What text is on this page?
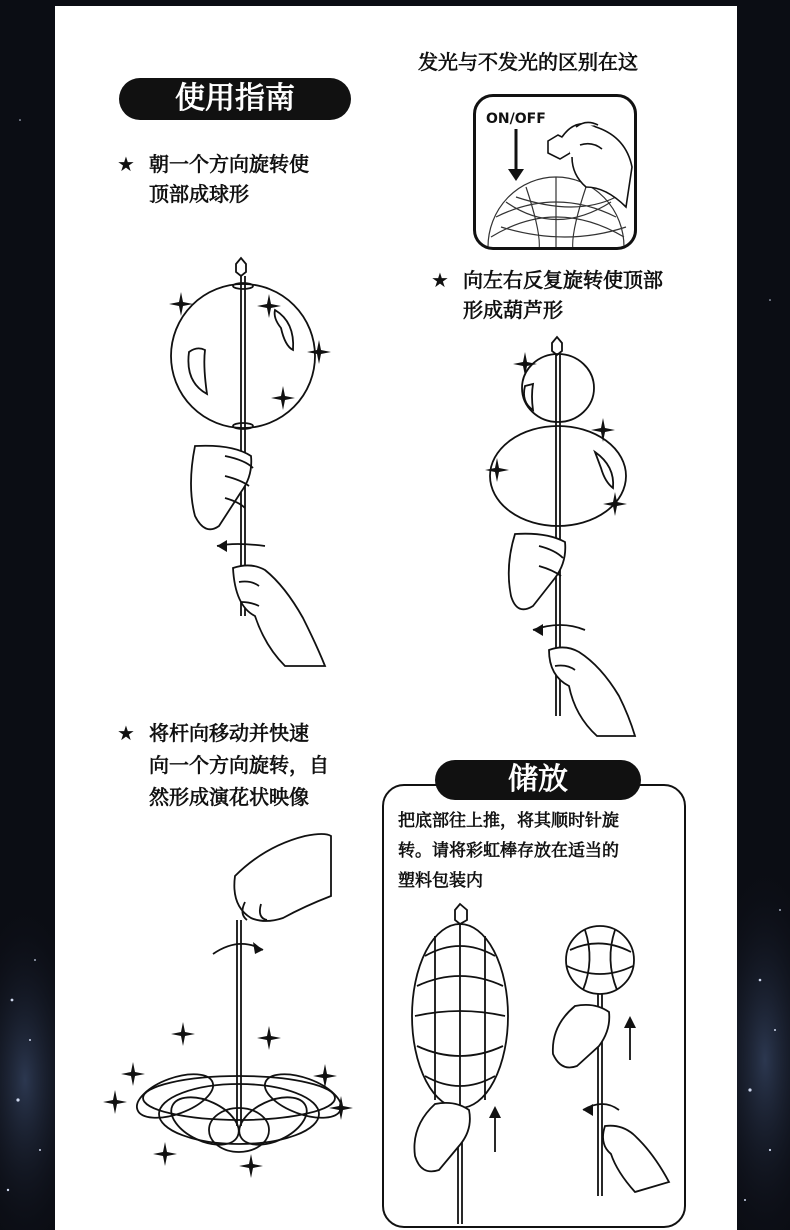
使用指南
发光与不发光的区别在这
ON/OFF
★ 朝一个方向旋转使
顶部成球形
★ 向左右反复旋转使顶部
形成葫芦形
★ 将杆向移动并快速
向一个方向旋转，自
然形成演花状映像	储放
把底部往上推，将其顺时针旋
转。请将彩虹棒存放在适当的
塑料包装内
